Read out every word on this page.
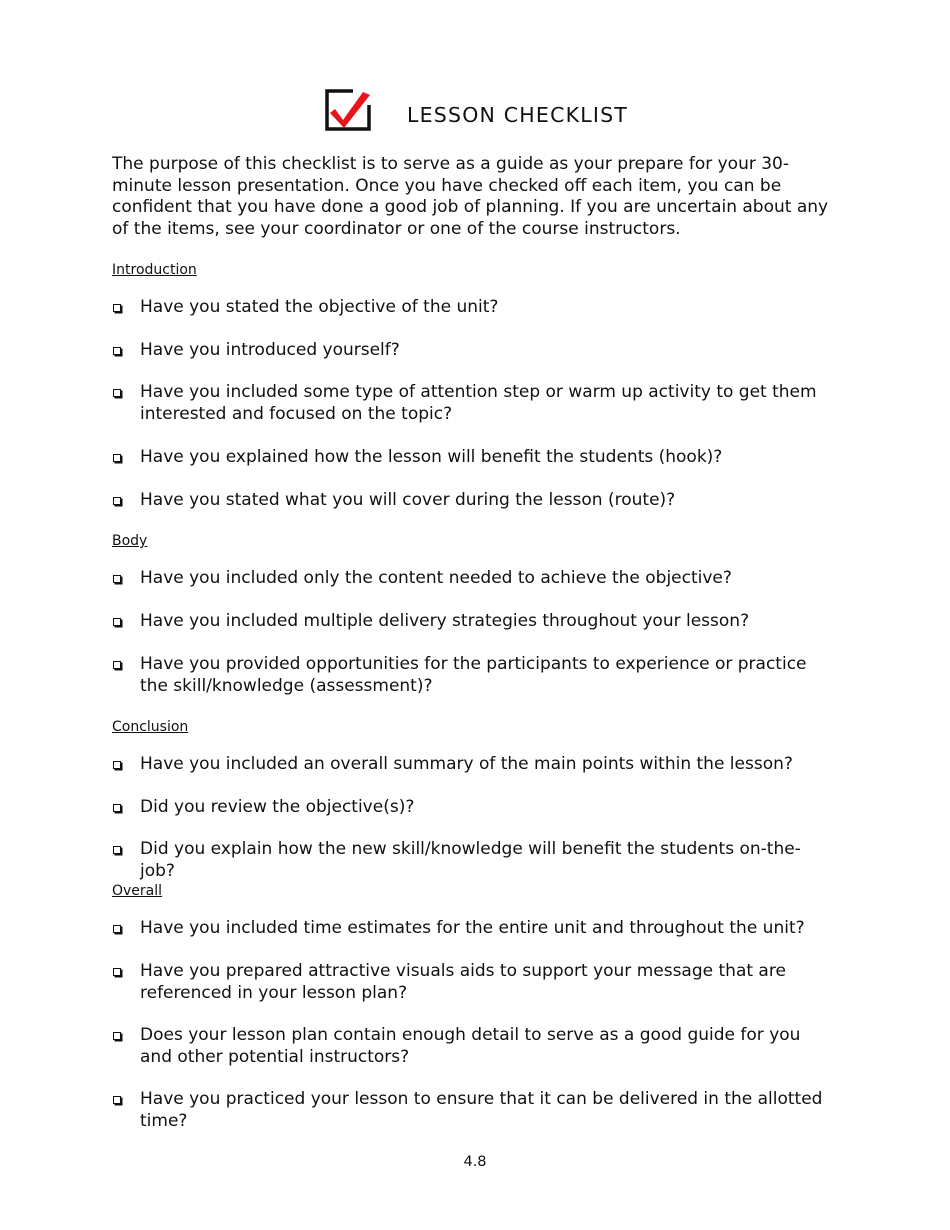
LESSON CHECKLIST

The purpose of this checklist is to serve as a guide as your prepare for your 30-minute lesson presentation. Once you have checked off each item, you can be confident that you have done a good job of planning. If you are uncertain about any of the items, see your coordinator or one of the course instructors.

Introduction
Have you stated the objective of the unit?
Have you introduced yourself?
Have you included some type of attention step or warm up activity to get them interested and focused on the topic?
Have you explained how the lesson will benefit the students (hook)?
Have you stated what you will cover during the lesson (route)?
Body
Have you included only the content needed to achieve the objective?
Have you included multiple delivery strategies throughout your lesson?
Have you provided opportunities for the participants to experience or practice the skill/knowledge (assessment)?
Conclusion
Have you included an overall summary of the main points within the lesson?
Did you review the objective(s)?
Did you explain how the new skill/knowledge will benefit the students on-the-job?
Overall
Have you included time estimates for the entire unit and throughout the unit?
Have you prepared attractive visuals aids to support your message that are referenced in your lesson plan?
Does your lesson plan contain enough detail to serve as a good guide for you and other potential instructors?
Have you practiced your lesson to ensure that it can be delivered in the allotted time?
4.8
